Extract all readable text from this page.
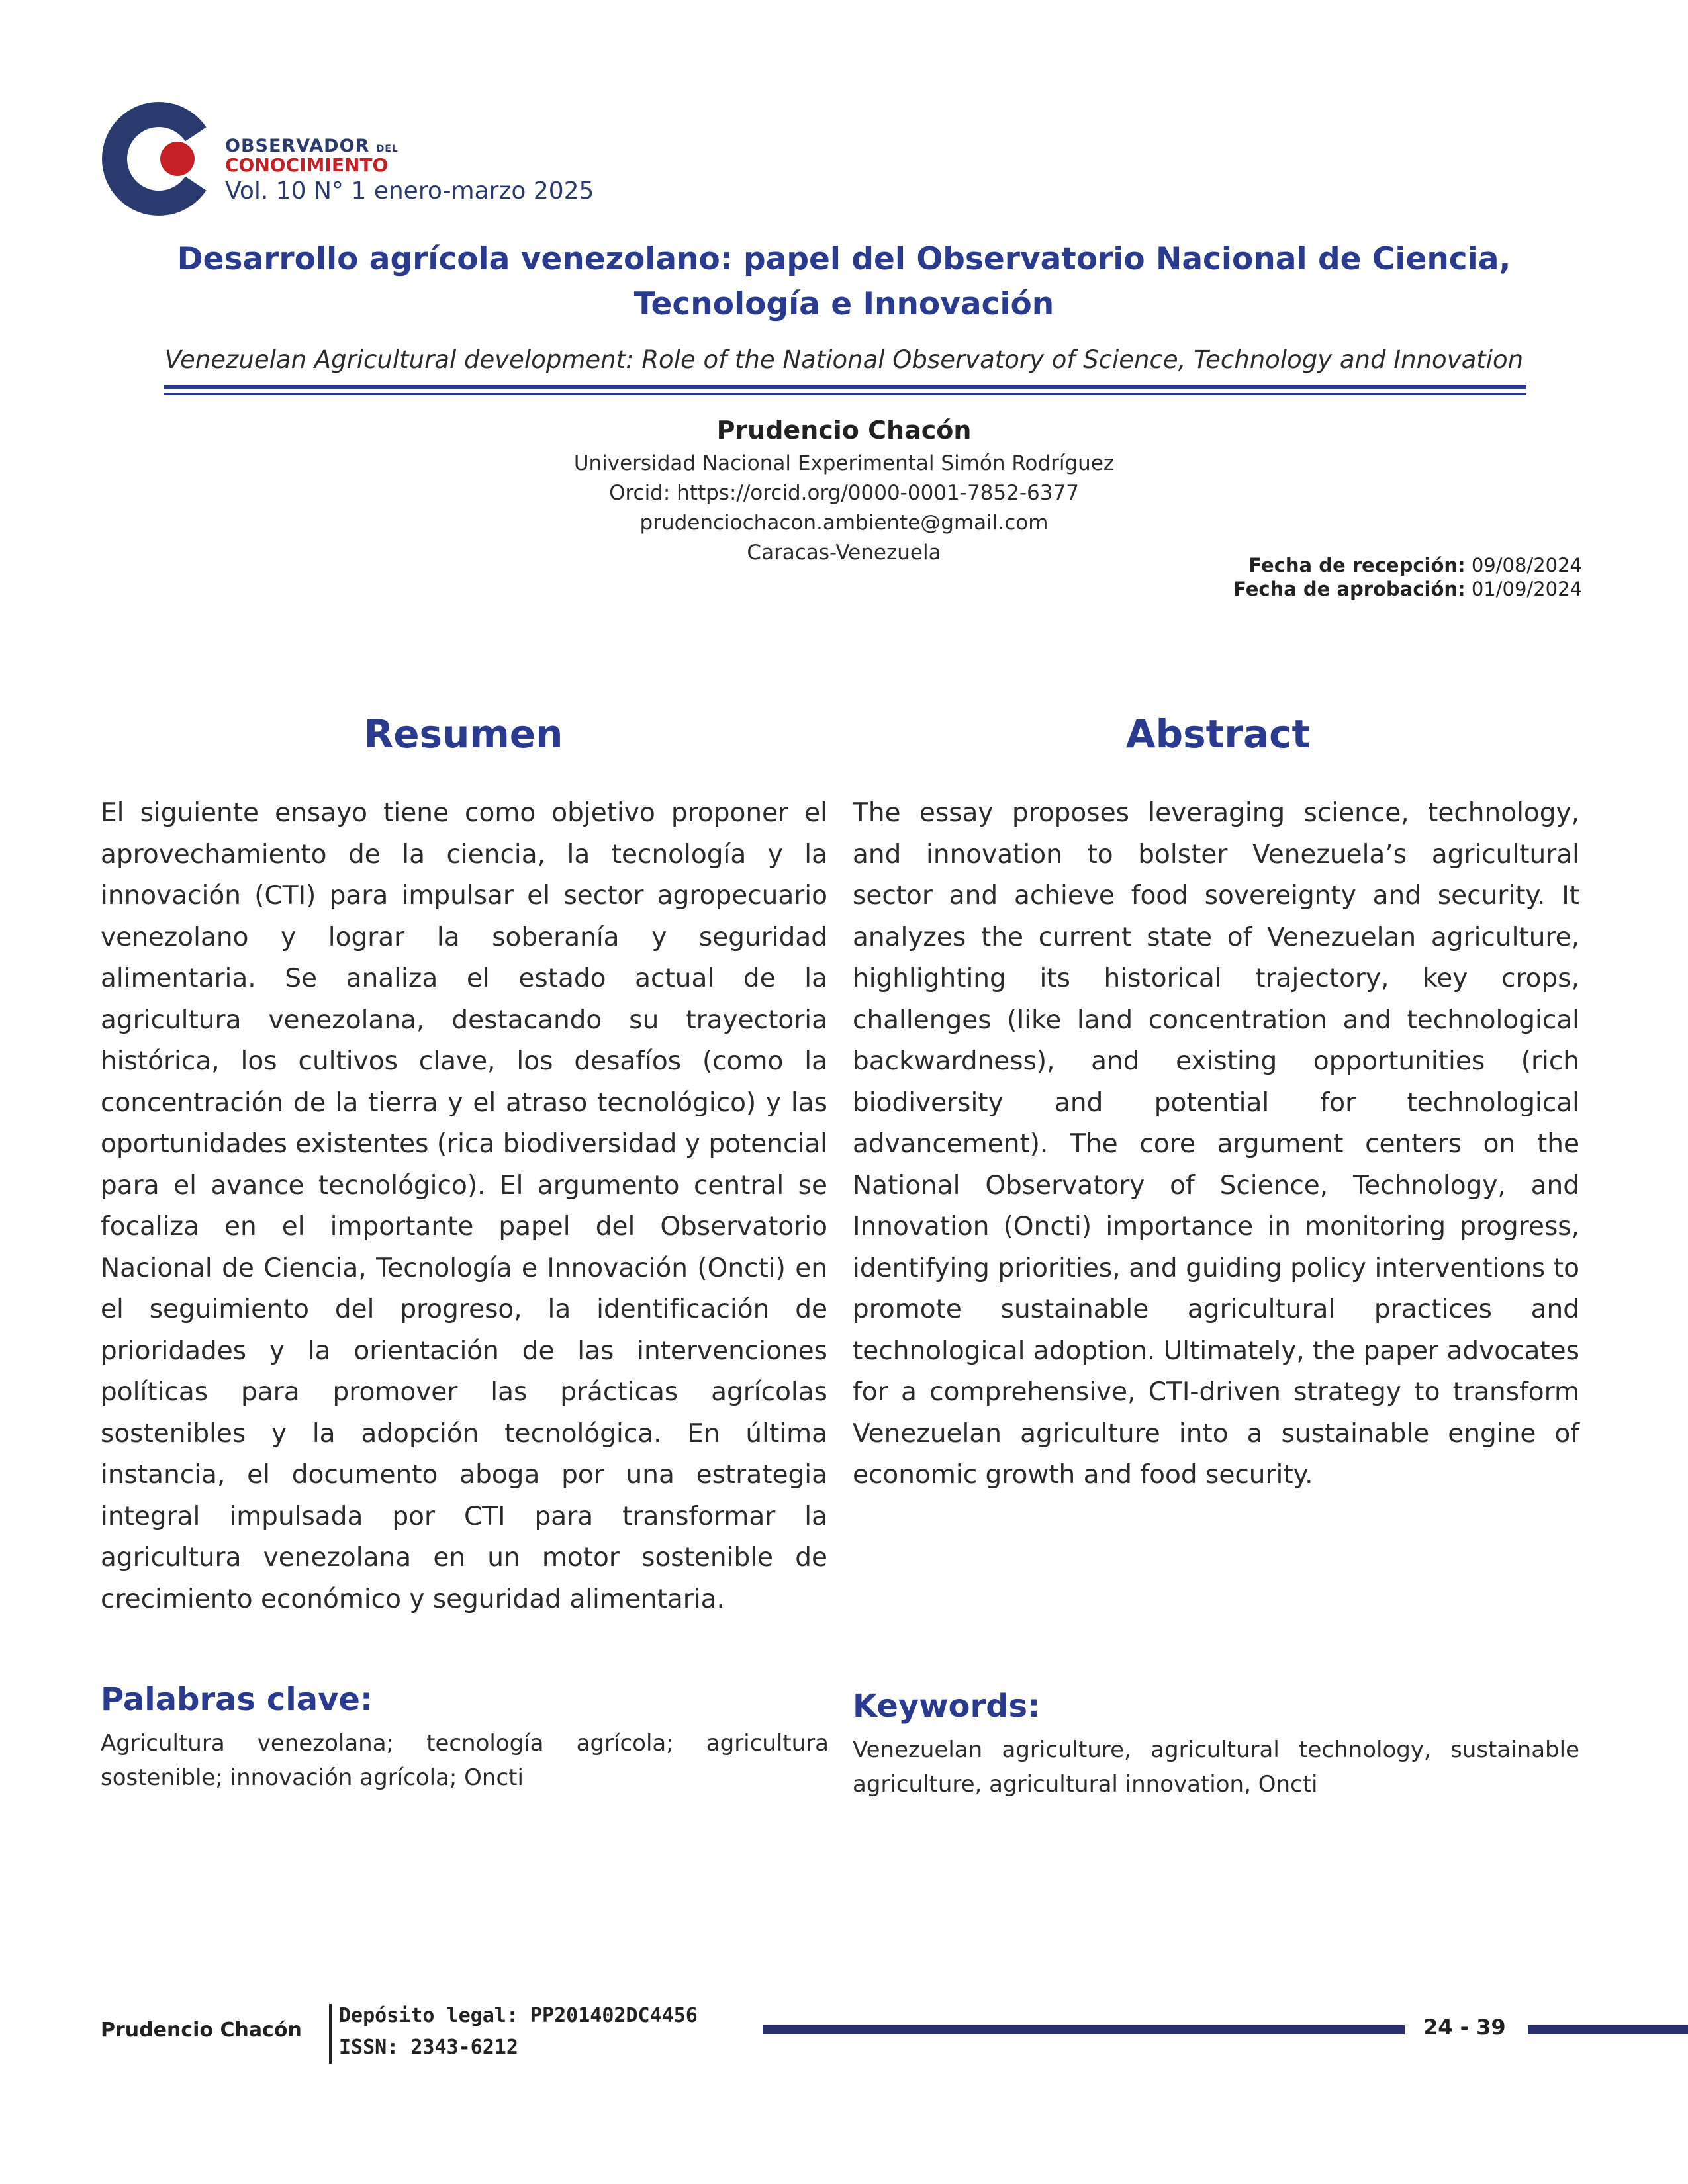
OBSERVADOR DEL
CONOCIMIENTO
Vol. 10 N° 1 enero-marzo 2025
Desarrollo agrícola venezolano: papel del Observatorio Nacional de Ciencia,
Tecnología e Innovación
Venezuelan Agricultural development: Role of the National Observatory of Science, Technology and Innovation
Prudencio Chacón
Universidad Nacional Experimental Simón Rodríguez
Orcid: https://orcid.org/0000-0001-7852-6377
prudenciochacon.ambiente@gmail.com
Caracas-Venezuela
Fecha de recepción: 09/08/2024
Fecha de aprobación: 01/09/2024
Resumen	Abstract
El siguiente ensayo tiene como objetivo proponer el aprovechamiento de la ciencia, la tecnología y la innovación (CTI) para impulsar el sector agropecuario venezolano y lograr la soberanía y seguridad alimentaria. Se analiza el estado actual de la agricultura venezolana, destacando su trayectoria histórica, los cultivos clave, los desafíos (como la concentración de la tierra y el atraso tecnológico) y las oportunidades existentes (rica biodiversidad y potencial para el avance tecnológico). El argumento central se focaliza en el importante papel del Observatorio Nacional de Ciencia, Tecnología e Innovación (Oncti) en el seguimiento del progreso, la identificación de prioridades y la orientación de las intervenciones políticas para promover las prácticas agrícolas sostenibles y la adopción tecnológica. En última instancia, el documento aboga por una estrategia integral impulsada por CTI para transformar la agricultura venezolana en un motor sostenible de crecimiento económico y seguridad alimentaria.
The essay proposes leveraging science, technology, and innovation to bolster Venezuela’s agricultural sector and achieve food sovereignty and security. It analyzes the current state of Venezuelan agriculture, highlighting its historical trajectory, key crops, challenges (like land concentration and technological backwardness), and existing opportunities (rich biodiversity and potential for technological advancement). The core argument centers on the National Observatory of Science, Technology, and Innovation (Oncti) importance in monitoring progress, identifying priorities, and guiding policy interventions to promote sustainable agricultural practices and technological adoption. Ultimately, the paper advocates for a comprehensive, CTI-driven strategy to transform Venezuelan agriculture into a sustainable engine of economic growth and food security.
Palabras clave:
Agricultura venezolana; tecnología agrícola; agricultura sostenible; innovación agrícola; Oncti
Keywords:
Venezuelan agriculture, agricultural technology, sustainable agriculture, agricultural innovation, Oncti
Prudencio Chacón
Depósito legal: PP201402DC4456
ISSN: 2343-6212
24 - 39
